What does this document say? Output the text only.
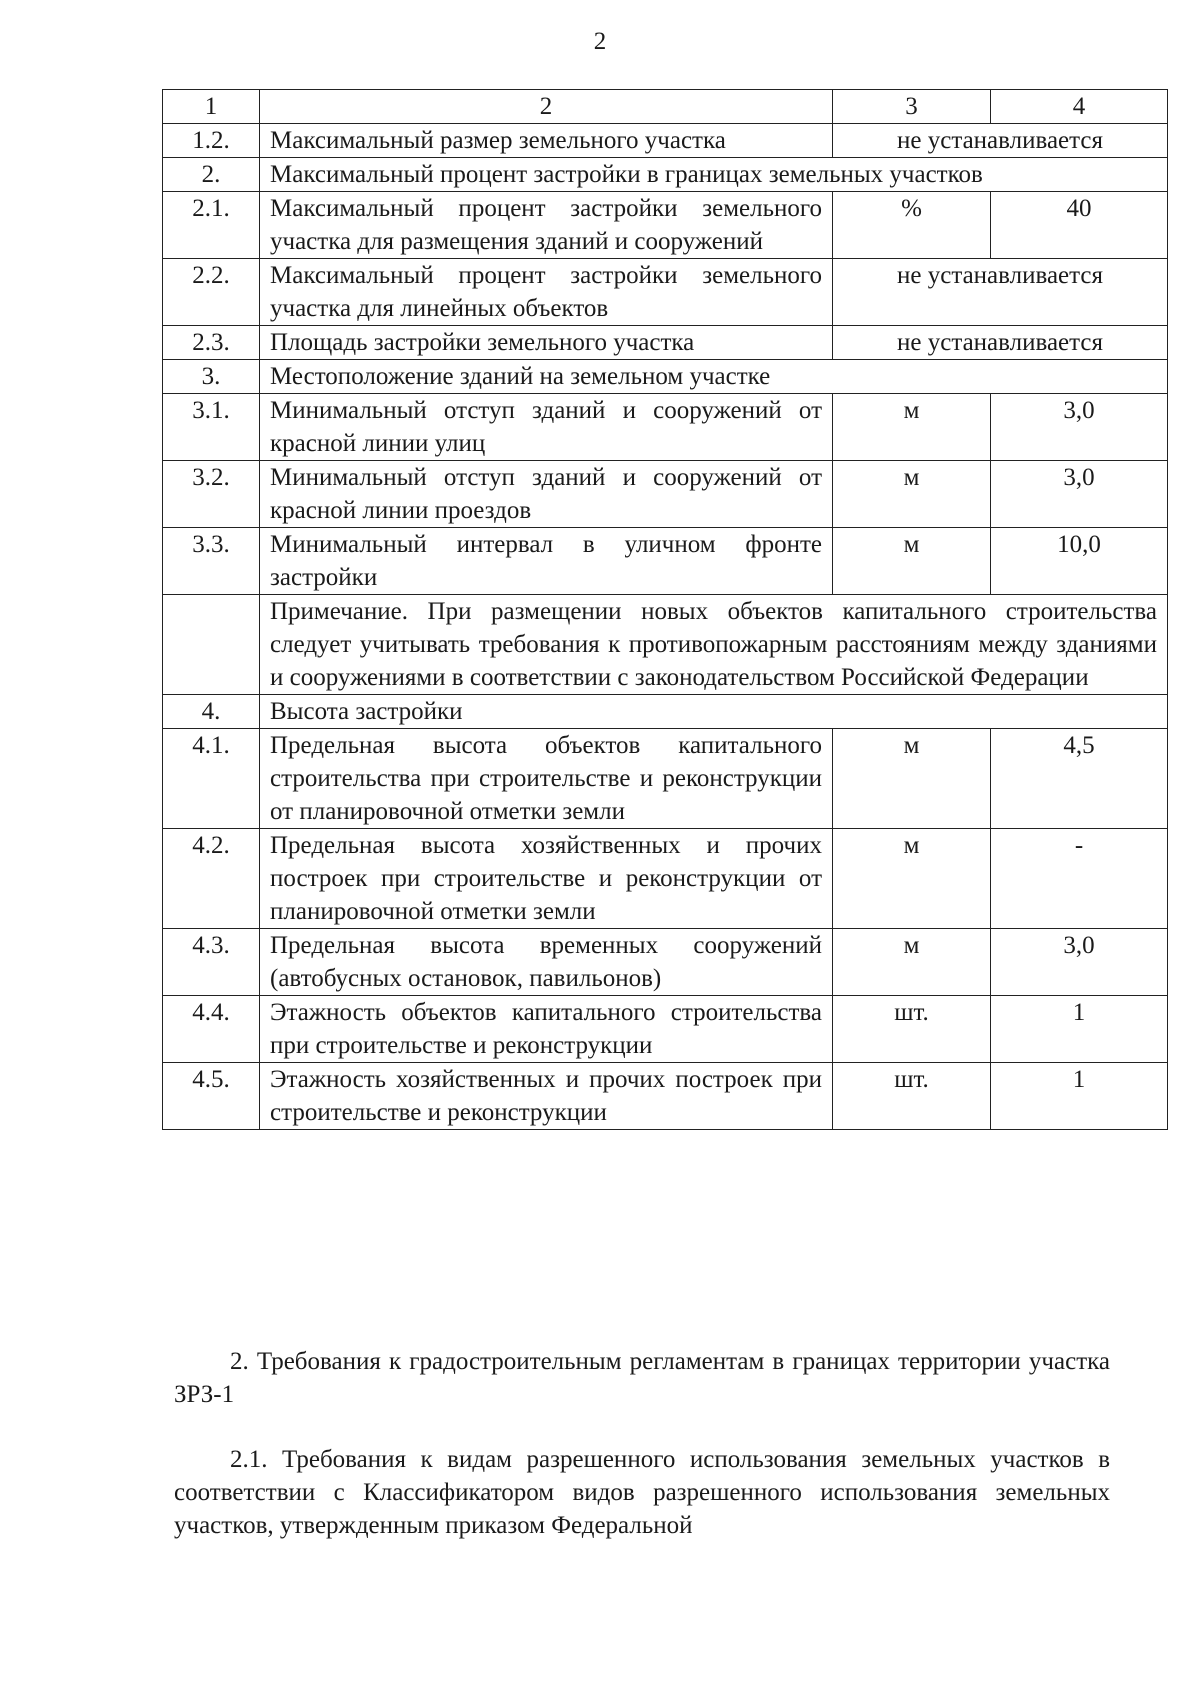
2
1	2	3	4
1.2.	Максимальный размер земельного участка	не устанавливается	
2.	Максимальный процент застройки в границах земельных участков		
2.1.	Максимальный процент застройки земельного участка для размещения зданий и сооружений	%	40
2.2.	Максимальный процент застройки земельного участка для линейных объектов	не устанавливается	
2.3.	Площадь застройки земельного участка	не устанавливается	
3.	Местоположение зданий на земельном участке		
3.1.	Минимальный отступ зданий и сооружений от красной линии улиц	м	3,0
3.2.	Минимальный отступ зданий и сооружений от красной линии проездов	м	3,0
3.3.	Минимальный интервал в уличном фронте застройки	м	10,0
	Примечание. При размещении новых объектов капитального строительства следует учитывать требования к противопожарным расстояниям между зданиями и сооружениями в соответствии с законодательством Российской Федерации		
4.	Высота застройки		
4.1.	Предельная высота объектов капитального строительства при строительстве и реконструкции от планировочной отметки земли	м	4,5
4.2.	Предельная высота хозяйственных и прочих построек при строительстве и реконструкции от планировочной отметки земли	м	-
4.3.	Предельная высота временных сооружений (автобусных остановок, павильонов)	м	3,0
4.4.	Этажность объектов капитального строительства при строительстве и реконструкции	шт.	1
4.5.	Этажность хозяйственных и прочих построек при строительстве и реконструкции	шт.	1

2. Требования к градостроительным регламентам в границах территории участка ЗРЗ-1

2.1. Требования к видам разрешенного использования земельных участков в соответствии с Классификатором видов разрешенного использования земельных участков, утвержденным приказом Федеральной
